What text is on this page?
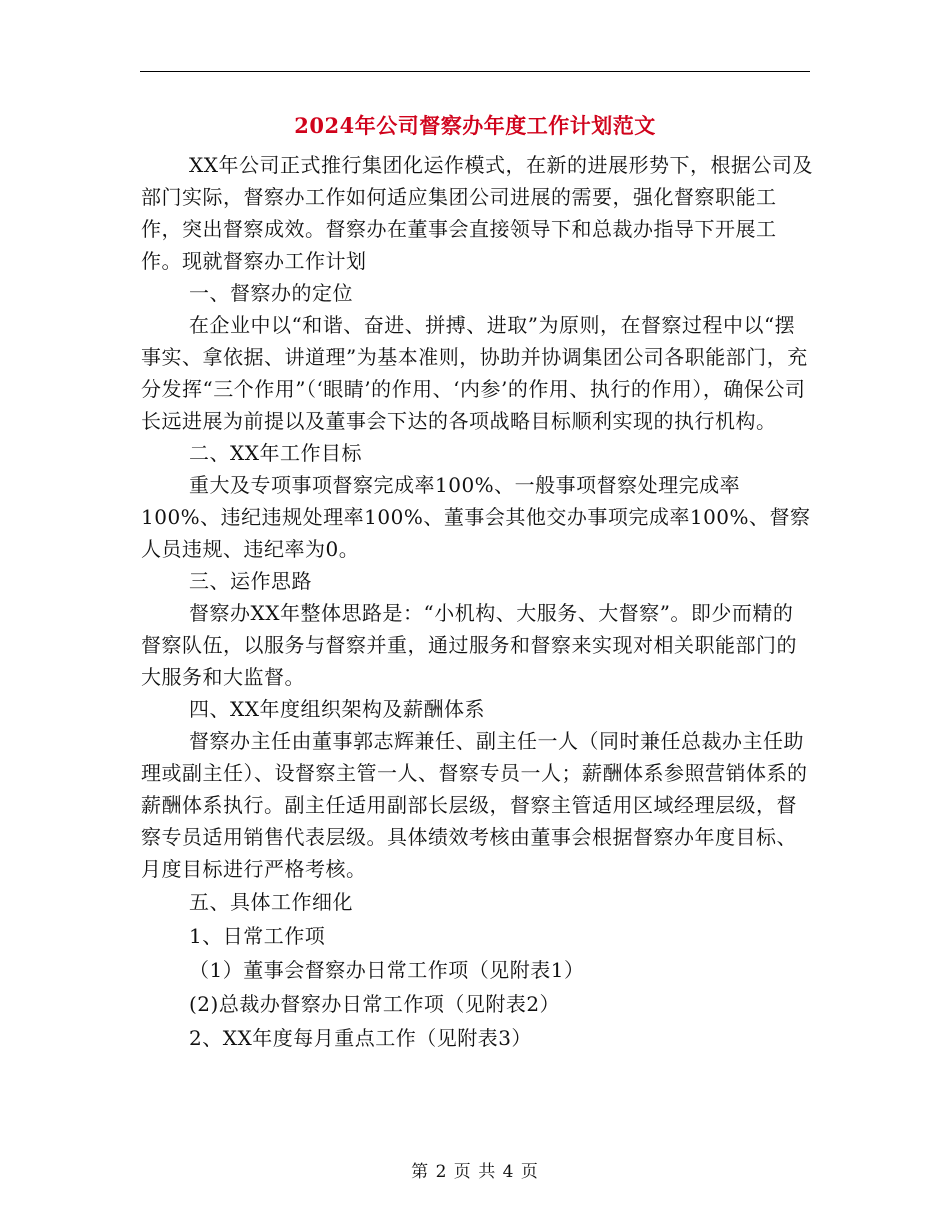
2024年公司督察办年度工作计划范文

XX年公司正式推行集团化运作模式，在新的进展形势下，根据公司及部门实际，督察办工作如何适应集团公司进展的需要，强化督察职能工作，突出督察成效。督察办在董事会直接领导下和总裁办指导下开展工作。现就督察办工作计划

一、督察办的定位

在企业中以“和谐、奋进、拼搏、进取”为原则，在督察过程中以“摆事实、拿依据、讲道理”为基本准则，协助并协调集团公司各职能部门，充分发挥“三个作用”（‘眼睛’的作用、‘内参’的作用、执行的作用），确保公司长远进展为前提以及董事会下达的各项战略目标顺利实现的执行机构。

二、XX年工作目标

重大及专项事项督察完成率100%、一般事项督察处理完成率100%、违纪违规处理率100%、董事会其他交办事项完成率100%、督察人员违规、违纪率为0。

三、运作思路

督察办XX年整体思路是：“小机构、大服务、大督察”。即少而精的督察队伍，以服务与督察并重，通过服务和督察来实现对相关职能部门的大服务和大监督。

四、XX年度组织架构及薪酬体系

督察办主任由董事郭志辉兼任、副主任一人（同时兼任总裁办主任助理或副主任）、设督察主管一人、督察专员一人；薪酬体系参照营销体系的薪酬体系执行。副主任适用副部长层级，督察主管适用区域经理层级，督察专员适用销售代表层级。具体绩效考核由董事会根据督察办年度目标、月度目标进行严格考核。

五、具体工作细化

1、日常工作项

（1）董事会督察办日常工作项（见附表1）

(2)总裁办督察办日常工作项（见附表2）

2、XX年度每月重点工作（见附表3）

第 2 页 共 4 页
